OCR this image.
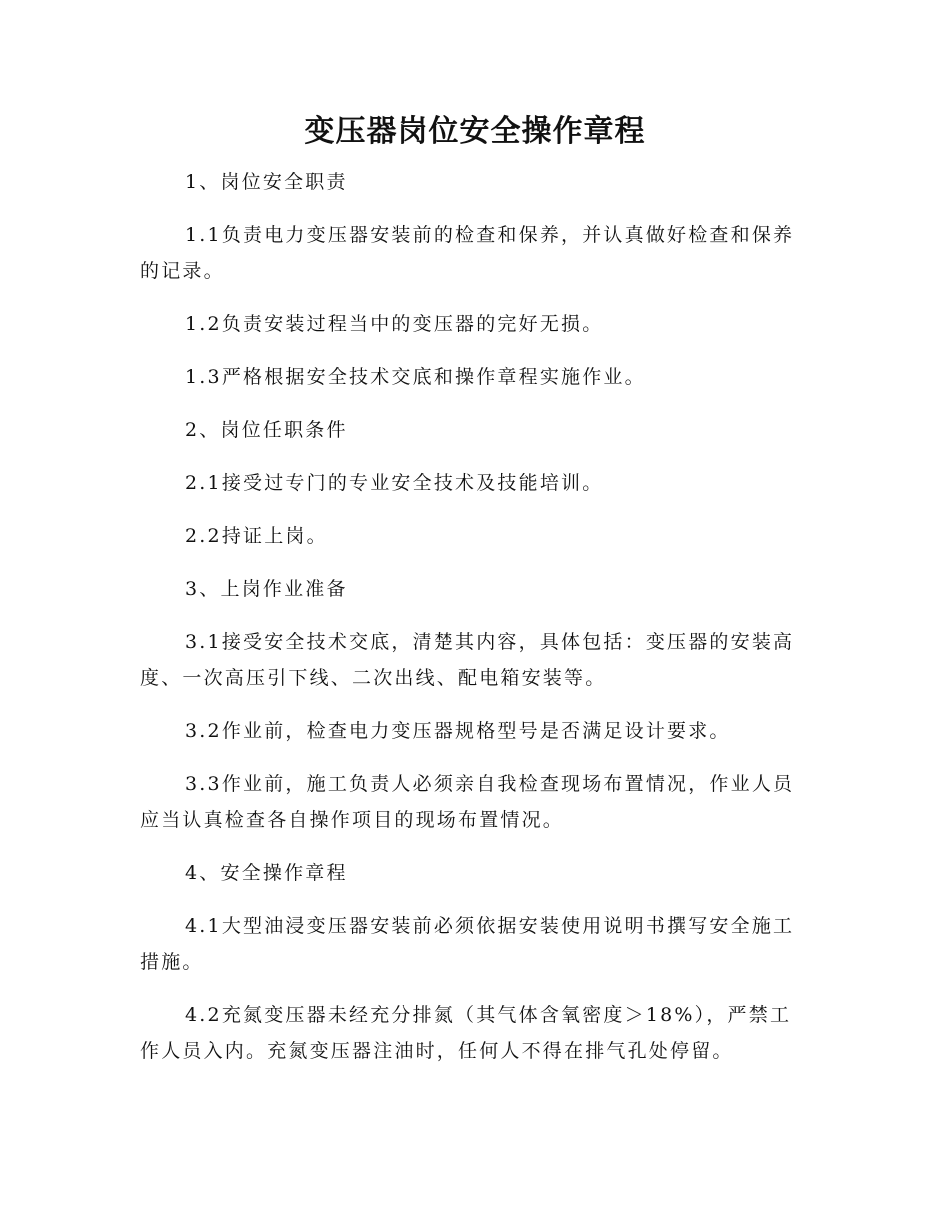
变压器岗位安全操作章程

1、岗位安全职责

1.1负责电力变压器安装前的检查和保养，并认真做好检查和保养的记录。

1.2负责安装过程当中的变压器的完好无损。

1.3严格根据安全技术交底和操作章程实施作业。

2、岗位任职条件

2.1接受过专门的专业安全技术及技能培训。

2.2持证上岗。

3、上岗作业准备

3.1接受安全技术交底，清楚其内容，具体包括：变压器的安装高度、一次高压引下线、二次出线、配电箱安装等。

3.2作业前，检查电力变压器规格型号是否满足设计要求。

3.3作业前，施工负责人必须亲自我检查现场布置情况，作业人员应当认真检查各自操作项目的现场布置情况。

4、安全操作章程

4.1大型油浸变压器安装前必须依据安装使用说明书撰写安全施工措施。

4.2充氮变压器未经充分排氮（其气体含氧密度＞18%），严禁工作人员入内。充氮变压器注油时，任何人不得在排气孔处停留。
